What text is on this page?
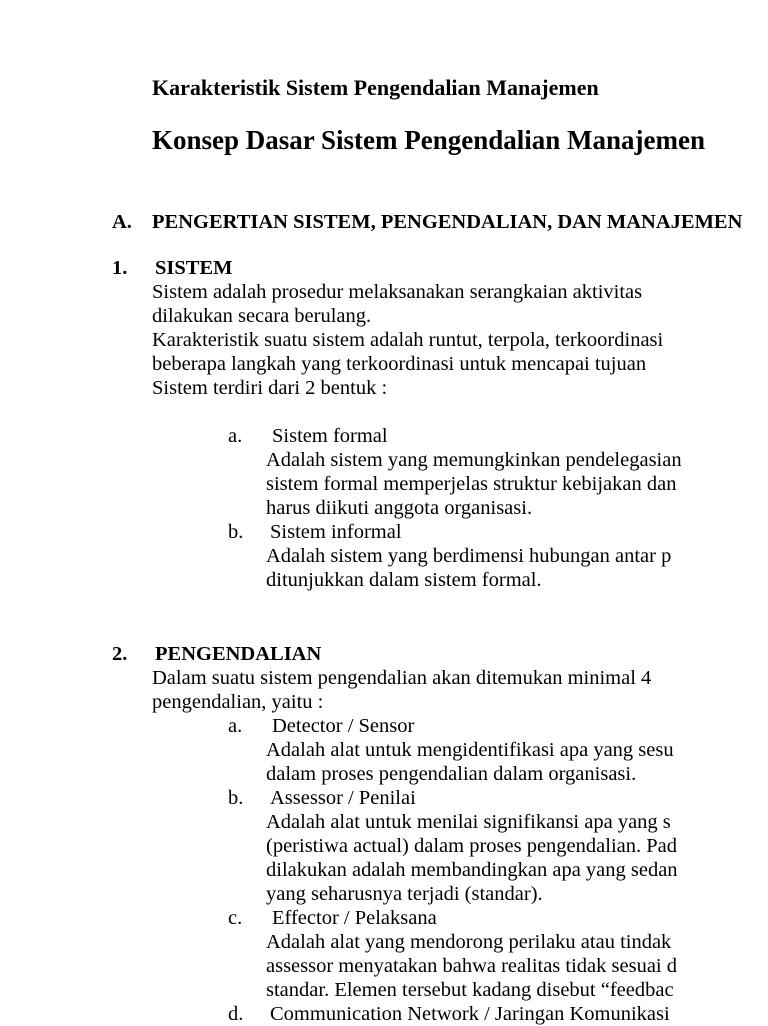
Karakteristik Sistem Pengendalian Manajemen
Konsep Dasar Sistem Pengendalian Manajemen
A. PENGERTIAN SISTEM, PENGENDALIAN, DAN MANAJEMEN
1. SISTEM
Sistem adalah prosedur melaksanakan serangkaian aktivitas
dilakukan secara berulang.
Karakteristik suatu sistem adalah runtut, terpola, terkoordinasi
beberapa langkah yang terkoordinasi untuk mencapai tujuan
Sistem terdiri dari 2 bentuk :
a. Sistem formal
Adalah sistem yang memungkinkan pendelegasian
sistem formal memperjelas struktur kebijakan dan
harus diikuti anggota organisasi.
b. Sistem informal
Adalah sistem yang berdimensi hubungan antar p
ditunjukkan dalam sistem formal.
2. PENGENDALIAN
Dalam suatu sistem pengendalian akan ditemukan minimal 4
pengendalian, yaitu :
a. Detector / Sensor
Adalah alat untuk mengidentifikasi apa yang sesu
dalam proses pengendalian dalam organisasi.
b. Assessor / Penilai
Adalah alat untuk menilai signifikansi apa yang s
(peristiwa actual) dalam proses pengendalian. Pad
dilakukan adalah membandingkan apa yang sedan
yang seharusnya terjadi (standar).
c. Effector / Pelaksana
Adalah alat yang mendorong perilaku atau tindak
assessor menyatakan bahwa realitas tidak sesuai d
standar. Elemen tersebut kadang disebut “feedbac
d. Communication Network / Jaringan Komunikasi
